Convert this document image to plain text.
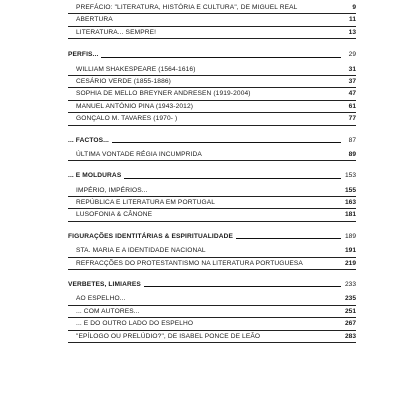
PREFÁCIO: "LITERATURA, HISTÓRIA E CULTURA", DE MIGUEL REAL	9
ABERTURA	11
LITERATURA... SEMPRE!	13
PERFIS...	29
WILLIAM SHAKESPEARE (1564-1616)	31
CESÁRIO VERDE (1855-1886)	37
SOPHIA DE MELLO BREYNER ANDRESEN (1919-2004)	47
MANUEL ANTÓNIO PINA (1943-2012)	61
GONÇALO M. TAVARES (1970- )	77
... FACTOS...	87
ÚLTIMA VONTADE RÉGIA INCUMPRIDA	89
... E MOLDURAS	153
IMPÉRIO, IMPÉRIOS...	155
REPÚBLICA E LITERATURA EM PORTUGAL	163
LUSOFONIA & CÂNONE	181
FIGURAÇÕES IDENTITÁRIAS & ESPIRITUALIDADE	189
STA. MARIA E A IDENTIDADE NACIONAL	191
REFRACÇÕES DO PROTESTANTISMO NA LITERATURA PORTUGUESA	219
VERBETES, LIMIARES	233
AO ESPELHO...	235
... COM AUTORES...	251
... E DO OUTRO LADO DO ESPELHO	267
"EPÍLOGO OU PRELÚDIO?", DE ISABEL PONCE DE LEÃO	283
